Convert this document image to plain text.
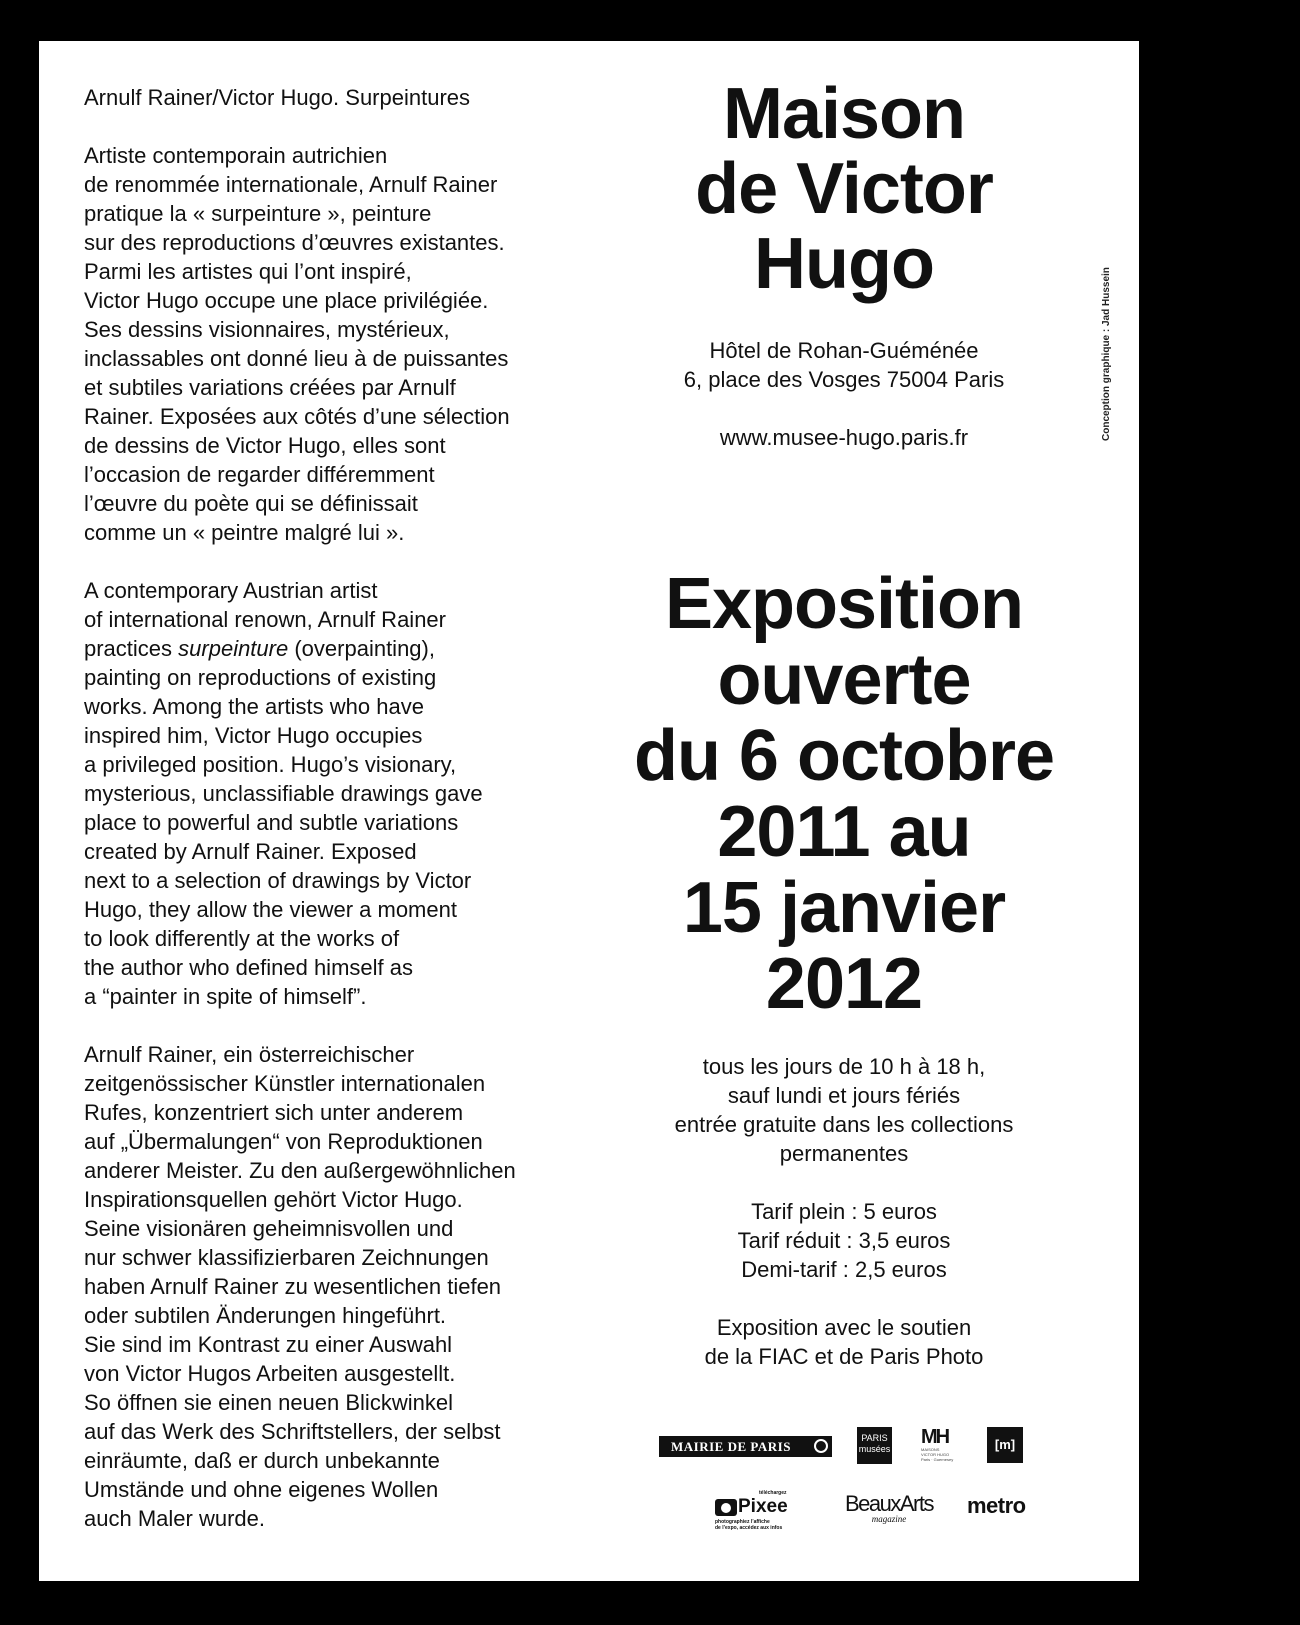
Arnulf Rainer/Victor Hugo. Surpeintures

Artiste contemporain autrichien
de renommée internationale, Arnulf Rainer
pratique la « surpeinture », peinture
sur des reproductions d’œuvres existantes.
Parmi les artistes qui l’ont inspiré,
Victor Hugo occupe une place privilégiée.
Ses dessins visionnaires, mystérieux,
inclassables ont donné lieu à de puissantes
et subtiles variations créées par Arnulf
Rainer. Exposées aux côtés d’une sélection
de dessins de Victor Hugo, elles sont
l’occasion de regarder différemment
l’œuvre du poète qui se définissait
comme un « peintre malgré lui ».

A contemporary Austrian artist
of international renown, Arnulf Rainer
practices surpeinture (overpainting),
painting on reproductions of existing
works. Among the artists who have
inspired him, Victor Hugo occupies
a privileged position. Hugo’s visionary,
mysterious, unclassifiable drawings gave
place to powerful and subtle variations
created by Arnulf Rainer. Exposed
next to a selection of drawings by Victor
Hugo, they allow the viewer a moment
to look differently at the works of
the author who defined himself as
a “painter in spite of himself”.

Arnulf Rainer, ein österreichischer
zeitgenössischer Künstler internationalen
Rufes, konzentriert sich unter anderem
auf „Übermalungen“ von Reproduktionen
anderer Meister. Zu den außergewöhnlichen
Inspirationsquellen gehört Victor Hugo.
Seine visionären geheimnisvollen und
nur schwer klassifizierbaren Zeichnungen
haben Arnulf Rainer zu wesentlichen tiefen
oder subtilen Änderungen hingeführt.
Sie sind im Kontrast zu einer Auswahl
von Victor Hugos Arbeiten ausgestellt.
So öffnen sie einen neuen Blickwinkel
auf das Werk des Schriftstellers, der selbst
einräumte, daß er durch unbekannte
Umstände und ohne eigenes Wollen
auch Maler wurde.

Maison
de Victor
Hugo
Hôtel de Rohan-Guéménée
6, place des Vosges 75004 Paris
www.musee-hugo.paris.fr
Exposition
ouverte
du 6 octobre
2011 au
15 janvier
2012
tous les jours de 10 h à 18 h,
sauf lundi et jours fériés
entrée gratuite dans les collections
permanentes
Tarif plein : 5 euros
Tarif réduit : 3,5 euros
Demi-tarif : 2,5 euros
Exposition avec le soutien
de la FIAC et de Paris Photo
Conception graphique : Jad Hussein
MAIRIE DE PARIS
PARIS
musées
MH
MAISONS
VICTOR HUGO
Paris · Guernesey
[m]
téléchargez
Pixee
photographiez l’affiche
de l’expo, accédez aux infos
BeauxArts
magazine
metro
